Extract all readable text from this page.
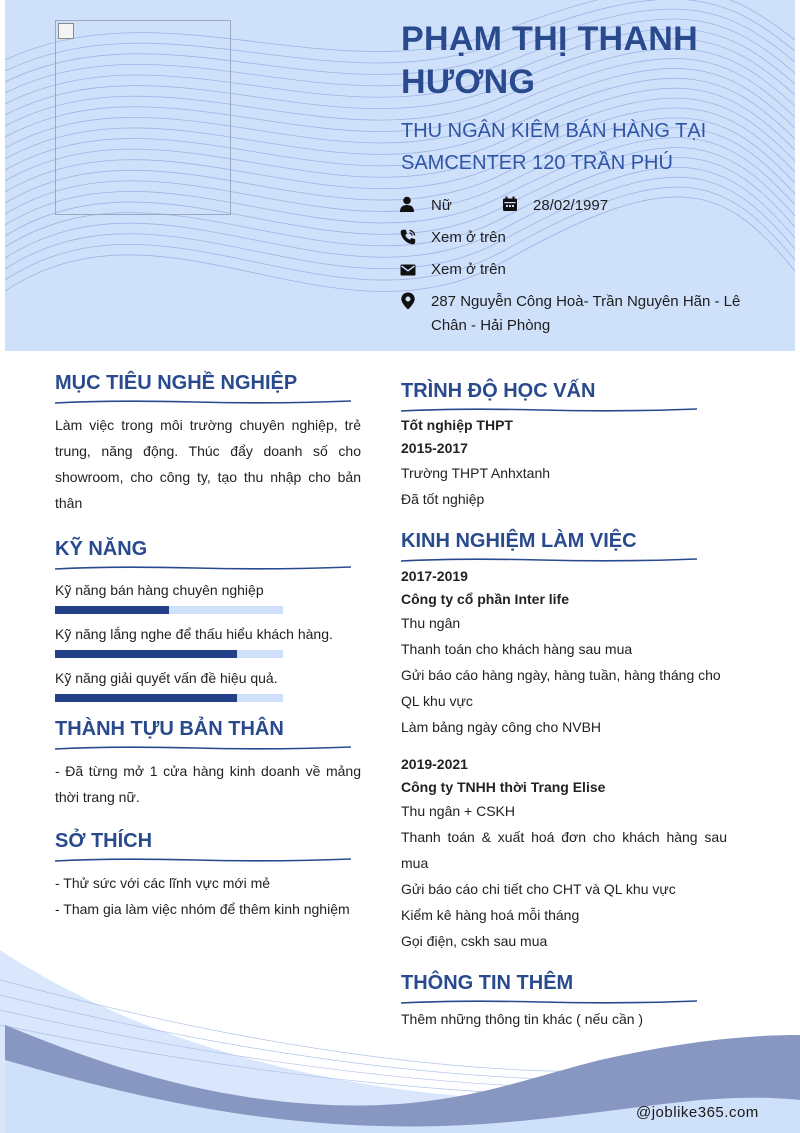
PHẠM THỊ THANH HƯƠNG
THU NGÂN KIÊM BÁN HÀNG TẠI SAMCENTER 120 TRẦN PHÚ
Nữ	28/02/1997
Xem ở trên
Xem ở trên
287 Nguyễn Công Hoà- Trần Nguyên Hãn - Lê Chân - Hải Phòng
MỤC TIÊU NGHỀ NGHIỆP
Làm việc trong môi trường chuyên nghiệp, trẻ trung, năng động. Thúc đẩy doanh số cho showroom, cho công ty, tạo thu nhập cho bản thân
KỸ NĂNG
Kỹ năng bán hàng chuyên nghiệp
Kỹ năng lắng nghe để thấu hiểu khách hàng.
Kỹ năng giải quyết vấn đề hiệu quả.
THÀNH TỰU BẢN THÂN
- Đã từng mở 1 cửa hàng kinh doanh về mảng thời trang nữ.
SỞ THÍCH
- Thử sức với các lĩnh vực mới mẻ
- Tham gia làm việc nhóm để thêm kinh nghiệm
TRÌNH ĐỘ HỌC VẤN
Tốt nghiệp THPT
2015-2017
Trường THPT Anhxtanh
Đã tốt nghiệp
KINH NGHIỆM LÀM VIỆC
2017-2019
Công ty cổ phần Inter life
Thu ngân
Thanh toán cho khách hàng sau mua
Gửi báo cáo hàng ngày, hàng tuần, hàng tháng cho QL khu vực
Làm bảng ngày công cho NVBH
2019-2021
Công ty TNHH thời Trang Elise
Thu ngân + CSKH
Thanh toán & xuất hoá đơn cho khách hàng sau mua
Gửi báo cáo chi tiết cho CHT và QL khu vực
Kiểm kê hàng hoá mỗi tháng
Gọi điện, cskh sau mua
THÔNG TIN THÊM
Thêm những thông tin khác ( nếu cần )
@joblike365.com
